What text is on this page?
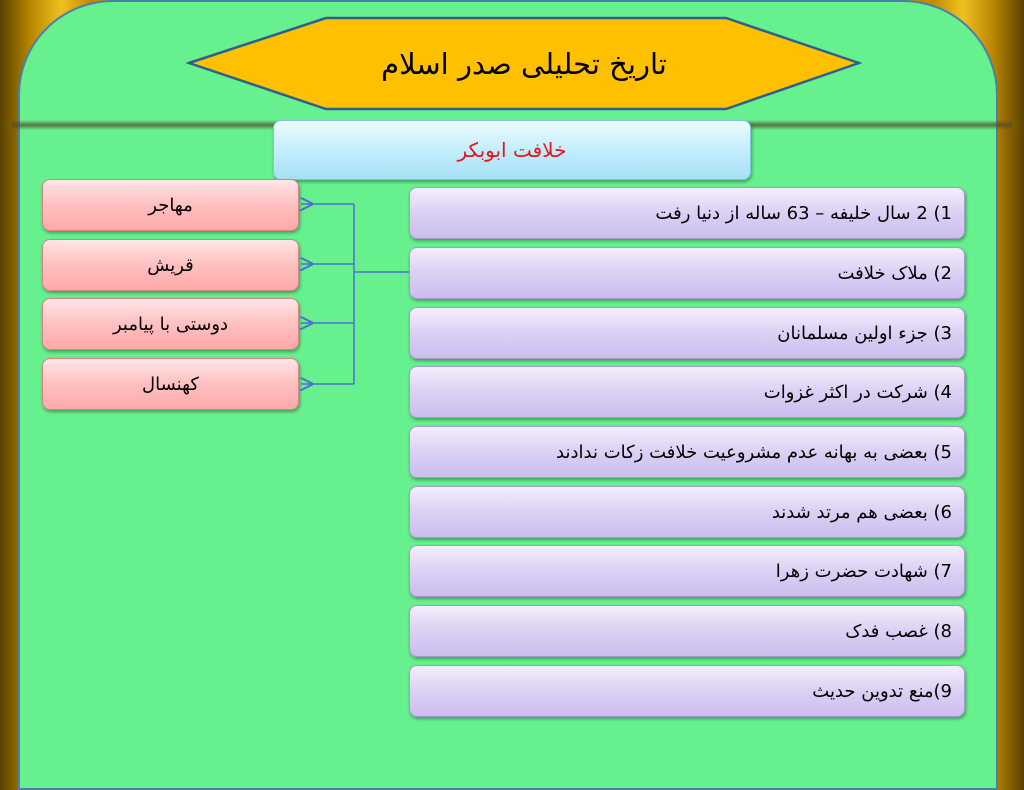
تاریخ تحلیلی صدر اسلام
خلافت ابوبکر
مهاجر
قریش
دوستی با پیامبر
کهنسال
1) 2 سال خلیفه – 63 ساله از دنیا رفت
2) ملاک خلافت
3) جزء اولین مسلمانان
4) شرکت در اکثر غزوات
5) بعضی به بهانه عدم مشروعیت خلافت زکات ندادند
6) بعضی هم مرتد شدند
7) شهادت حضرت زهرا
8) غصب فدک
9)منع تدوین حدیث
